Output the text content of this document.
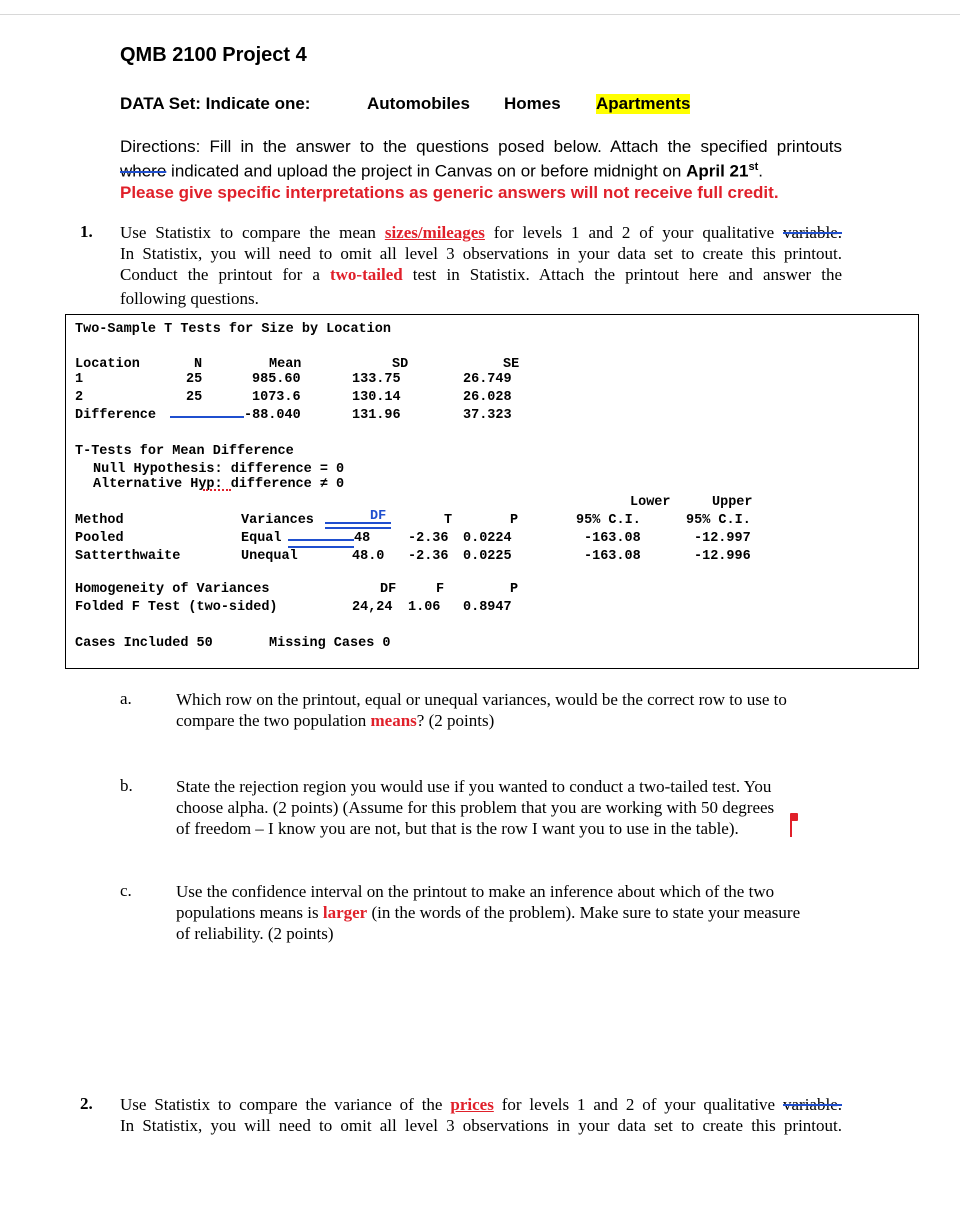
QMB 2100 Project 4
DATA Set: Indicate one:	Automobiles Homes Apartments
Directions: Fill in the answer to the questions posed below. Attach the specified printouts
where indicated and upload the project in Canvas on or before midnight on April 21st.
Please give specific interpretations as generic answers will not receive full credit.
1. Use Statistix to compare the mean sizes/mileages for levels 1 and 2 of your qualitative variable.
In Statistix, you will need to omit all level 3 observations in your data set to create this printout.
Conduct the printout for a two-tailed test in Statistix. Attach the printout here and answer the
following questions.
Two-Sample T Tests for Size by Location
Location	N	Mean	SD	SE
1	25	985.60	133.75	26.749
2	25	1073.6	130.14	26.028
Difference	-88.040	131.96	37.323
T-Tests for Mean Difference
Null Hypothesis: difference = 0
Alternative Hyp: difference ≠ 0
Lower	Upper
Method	Variances	DF	T	P	95% C.I.	95% C.I.
Pooled	Equal	48	-2.36 0.0224	-163.08	-12.997
Satterthwaite	Unequal	48.0 -2.36 0.0225	-163.08	-12.996
Homogeneity of Variances	DF	F	P
Folded F Test (two-sided)	24,24 1.06 0.8947
Cases Included 50	Missing Cases 0
a.	Which row on the printout, equal or unequal variances, would be the correct row to use to
compare the two population means? (2 points)
b.	State the rejection region you would use if you wanted to conduct a two-tailed test. You
choose alpha. (2 points) (Assume for this problem that you are working with 50 degrees
of freedom – I know you are not, but that is the row I want you to use in the table).
c.	Use the confidence interval on the printout to make an inference about which of the two
populations means is larger (in the words of the problem). Make sure to state your measure
of reliability. (2 points)
2. Use Statistix to compare the variance of the prices for levels 1 and 2 of your qualitative variable.
In Statistix, you will need to omit all level 3 observations in your data set to create this printout.
